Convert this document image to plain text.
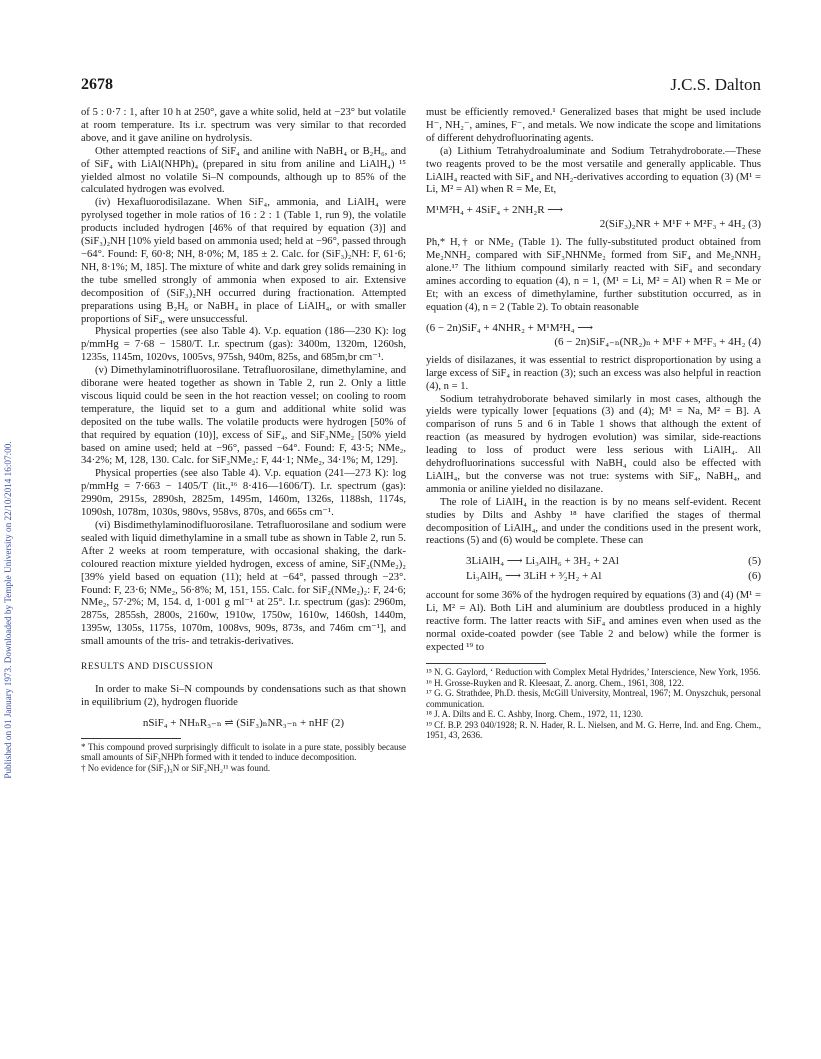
Published on 01 January 1973. Downloaded by Temple University on 22/10/2014 16:07:00.
2678	J.C.S. Dalton

of 5 : 0·7 : 1, after 10 h at 250°, gave a white solid, held at −23° but volatile at room temperature. Its i.r. spectrum was very similar to that recorded above, and it gave aniline on hydrolysis.

Other attempted reactions of SiF₄ and aniline with NaBH₄ or B₂H₆, and of SiF₄ with LiAl(NHPh)₄ (prepared in situ from aniline and LiAlH₄) ¹⁵ yielded almost no volatile Si–N compounds, although up to 85% of the calculated hydrogen was evolved.

(iv) Hexafluorodisilazane. When SiF₄, ammonia, and LiAlH₄ were pyrolysed together in mole ratios of 16 : 2 : 1 (Table 1, run 9), the volatile products included hydrogen [46% of that required by equation (3)] and (SiF₃)₂NH [10% yield based on ammonia used; held at −96°, passed through −64°. Found: F, 60·8; NH, 8·0%; M, 185 ± 2. Calc. for (SiF₃)₂NH: F, 61·6; NH, 8·1%; M, 185]. The mixture of white and dark grey solids remaining in the tube smelled strongly of ammonia when exposed to air. Extensive decomposition of (SiF₃)₂NH occurred during fractionation. Attempted preparations using B₂H₆ or NaBH₄ in place of LiAlH₄, or with smaller proportions of SiF₄, were unsuccessful.

Physical properties (see also Table 4). V.p. equation (186—230 K): log p/mmHg = 7·68 − 1580/T. I.r. spectrum (gas): 3400m, 1320m, 1260sh, 1235s, 1145m, 1020vs, 1005vs, 975sh, 940m, 825s, and 685m,br cm⁻¹.

(v) Dimethylaminotrifluorosilane. Tetrafluorosilane, dimethylamine, and diborane were heated together as shown in Table 2, run 2. Only a little viscous liquid could be seen in the hot reaction vessel; on cooling to room temperature, the liquid set to a gum and additional white solid was deposited on the tube walls. The volatile products were hydrogen [50% of that required by equation (10)], excess of SiF₄, and SiF₃NMe₂ [50% yield based on amine used; held at −96°, passed −64°. Found: F, 43·5; NMe₂, 34·2%; M, 128, 130. Calc. for SiF₃NMe₂: F, 44·1; NMe₂, 34·1%; M, 129].

Physical properties (see also Table 4). V.p. equation (241—273 K): log p/mmHg = 7·663 − 1405/T (lit.,¹⁶ 8·416—1606/T). I.r. spectrum (gas): 2990m, 2915s, 2890sh, 2825m, 1495m, 1460m, 1326s, 1188sh, 1174s, 1090sh, 1078m, 1030s, 980vs, 958vs, 870s, and 665s cm⁻¹.

(vi) Bisdimethylaminodifluorosilane. Tetrafluorosilane and sodium were sealed with liquid dimethylamine in a small tube as shown in Table 2, run 5. After 2 weeks at room temperature, with occasional shaking, the dark-coloured reaction mixture yielded hydrogen, excess of amine, SiF₂(NMe₂)₂ [39% yield based on equation (11); held at −64°, passed through −23°. Found: F, 23·6; NMe₂, 56·8%; M, 151, 155. Calc. for SiF₂(NMe₂)₂: F, 24·6; NMe₂, 57·2%; M, 154. d, 1·001 g ml⁻¹ at 25°. I.r. spectrum (gas): 2960m, 2875s, 2855sh, 2800s, 2160w, 1910w, 1750w, 1610w, 1460sh, 1440m, 1395w, 1305s, 1175s, 1070m, 1008vs, 909s, 873s, and 746m cm⁻¹], and small amounts of the tris- and tetrakis-derivatives.

RESULTS AND DISCUSSION

In order to make Si–N compounds by condensations such as that shown in equilibrium (2), hydrogen fluoride

nSiF₄ + NHₙR₃₋ₙ ⇌ (SiF₃)ₙNR₃₋ₙ + nHF (2)

* This compound proved surprisingly difficult to isolate in a pure state, possibly because small amounts of SiF₃NHPh formed with it tended to induce decomposition.

† No evidence for (SiF₃)₃N or SiF₃NH₂¹¹ was found.

must be efficiently removed.¹ Generalized bases that might be used include H⁻, NH₂⁻, amines, F⁻, and metals. We now indicate the scope and limitations of different dehydrofluorinating agents.

(a) Lithium Tetrahydroaluminate and Sodium Tetrahydroborate.—These two reagents proved to be the most versatile and generally applicable. Thus LiAlH₄ reacted with SiF₄ and NH₂-derivatives according to equation (3) (M¹ = Li, M² = Al) when R = Me, Et,

M¹M²H₄ + 4SiF₄ + 2NH₂R ⟶
2(SiF₃)₂NR + M¹F + M²F₃ + 4H₂ (3)

Ph,* H,† or NMe₂ (Table 1). The fully-substituted product obtained from Me₂NNH₂ compared with SiF₃NHNMe₂ formed from SiF₄ and Me₂NNH₂ alone.¹⁷ The lithium compound similarly reacted with SiF₄ and secondary amines according to equation (4), n = 1, (M¹ = Li, M² = Al) when R = Me or Et; with an excess of dimethylamine, further substitution occurred, as in equation (4), n = 2 (Table 2). To obtain reasonable

(6 − 2n)SiF₄ + 4NHR₂ + M¹M²H₄ ⟶
(6 − 2n)SiF₄₋ₙ(NR₂)ₙ + M¹F + M²F₃ + 4H₂ (4)

yields of disilazanes, it was essential to restrict disproportionation by using a large excess of SiF₄ in reaction (3); such an excess was also helpful in reaction (4), n = 1.

Sodium tetrahydroborate behaved similarly in most cases, although the yields were typically lower [equations (3) and (4); M¹ = Na, M² = B]. A comparison of runs 5 and 6 in Table 1 shows that although the extent of reaction (as measured by hydrogen evolution) was similar, side-reactions leading to loss of product were less serious with LiAlH₄. All dehydrofluorinations successful with NaBH₄ could also be effected with LiAlH₄, but the converse was not true: systems with SiF₄, NaBH₄, and ammonia or aniline yielded no disilazane.

The role of LiAlH₄ in the reaction is by no means self-evident. Recent studies by Dilts and Ashby ¹⁸ have clarified the stages of thermal decomposition of LiAlH₄, and under the conditions used in the present work, reactions (5) and (6) would be complete. These can

3LiAlH₄ ⟶ Li₃AlH₆ + 3H₂ + 2Al	(5)
Li₃AlH₆ ⟶ 3LiH + ³⁄₂H₂ + Al	(6)

account for some 36% of the hydrogen required by equations (3) and (4) (M¹ = Li, M² = Al). Both LiH and aluminium are doubtless produced in a highly reactive form. The latter reacts with SiF₄ and amines even when used as the normal oxide-coated powder (see Table 2 and below) while the former is expected ¹⁹ to

¹⁵ N. G. Gaylord, ‘ Reduction with Complex Metal Hydrides,’ Interscience, New York, 1956.

¹⁶ H. Grosse-Ruyken and R. Kleesaat, Z. anorg. Chem., 1961, 308, 122.

¹⁷ G. G. Strathdee, Ph.D. thesis, McGill University, Montreal, 1967; M. Onyszchuk, personal communication.

¹⁸ J. A. Dilts and E. C. Ashby, Inorg. Chem., 1972, 11, 1230.

¹⁹ Cf. B.P. 293 040/1928; R. N. Hader, R. L. Nielsen, and M. G. Herre, Ind. and Eng. Chem., 1951, 43, 2636.
